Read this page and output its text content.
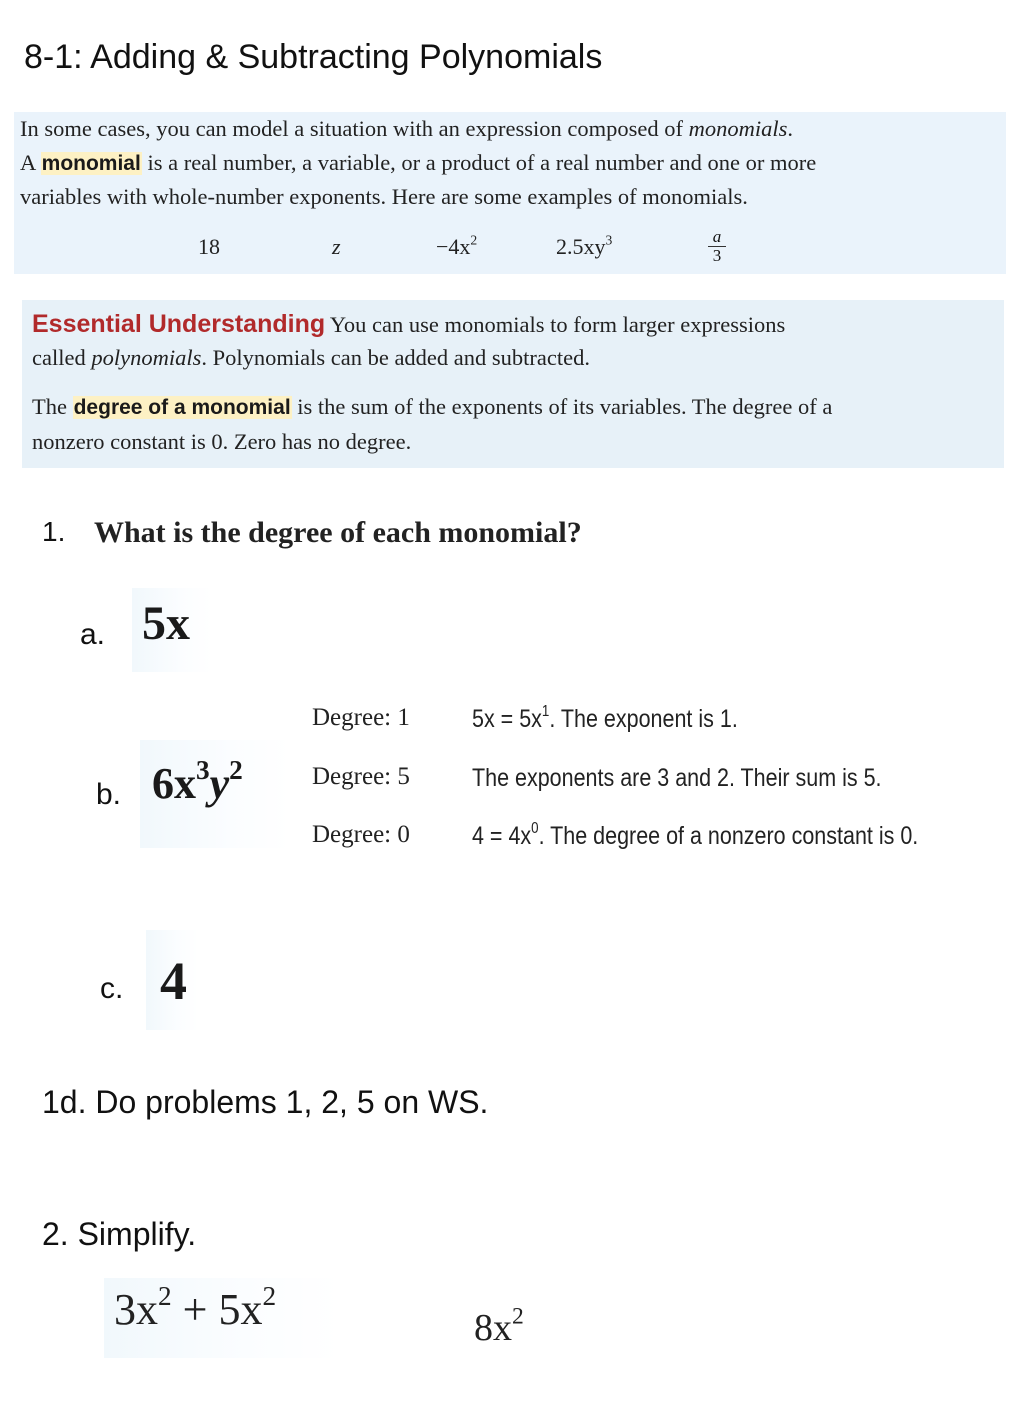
8-1: Adding & Subtracting Polynomials
In some cases, you can model a situation with an expression composed of monomials.
A monomial is a real number, a variable, or a product of a real number and one or more
variables with whole-number exponents. Here are some examples of monomials.
18	z	$-4x^2$	$2.5xy^3$	$\frac{a}{3}$
Essential Understanding You can use monomials to form larger expressions
called polynomials. Polynomials can be added and subtracted.
The degree of a monomial is the sum of the exponents of its variables. The degree of a
nonzero constant is 0. Zero has no degree.
1. What is the degree of each monomial?
a. 5x
b. $6x^3y^2$
Degree: 1 $5x = 5x^1$. The exponent is 1.
Degree: 5 The exponents are 3 and 2. Their sum is 5.
Degree: 0 $4 = 4x^0$. The degree of a nonzero constant is 0.
c. 4
1d. Do problems 1, 2, 5 on WS.
2. Simplify.
$3x^2 + 5x^2$
$8x^2$
